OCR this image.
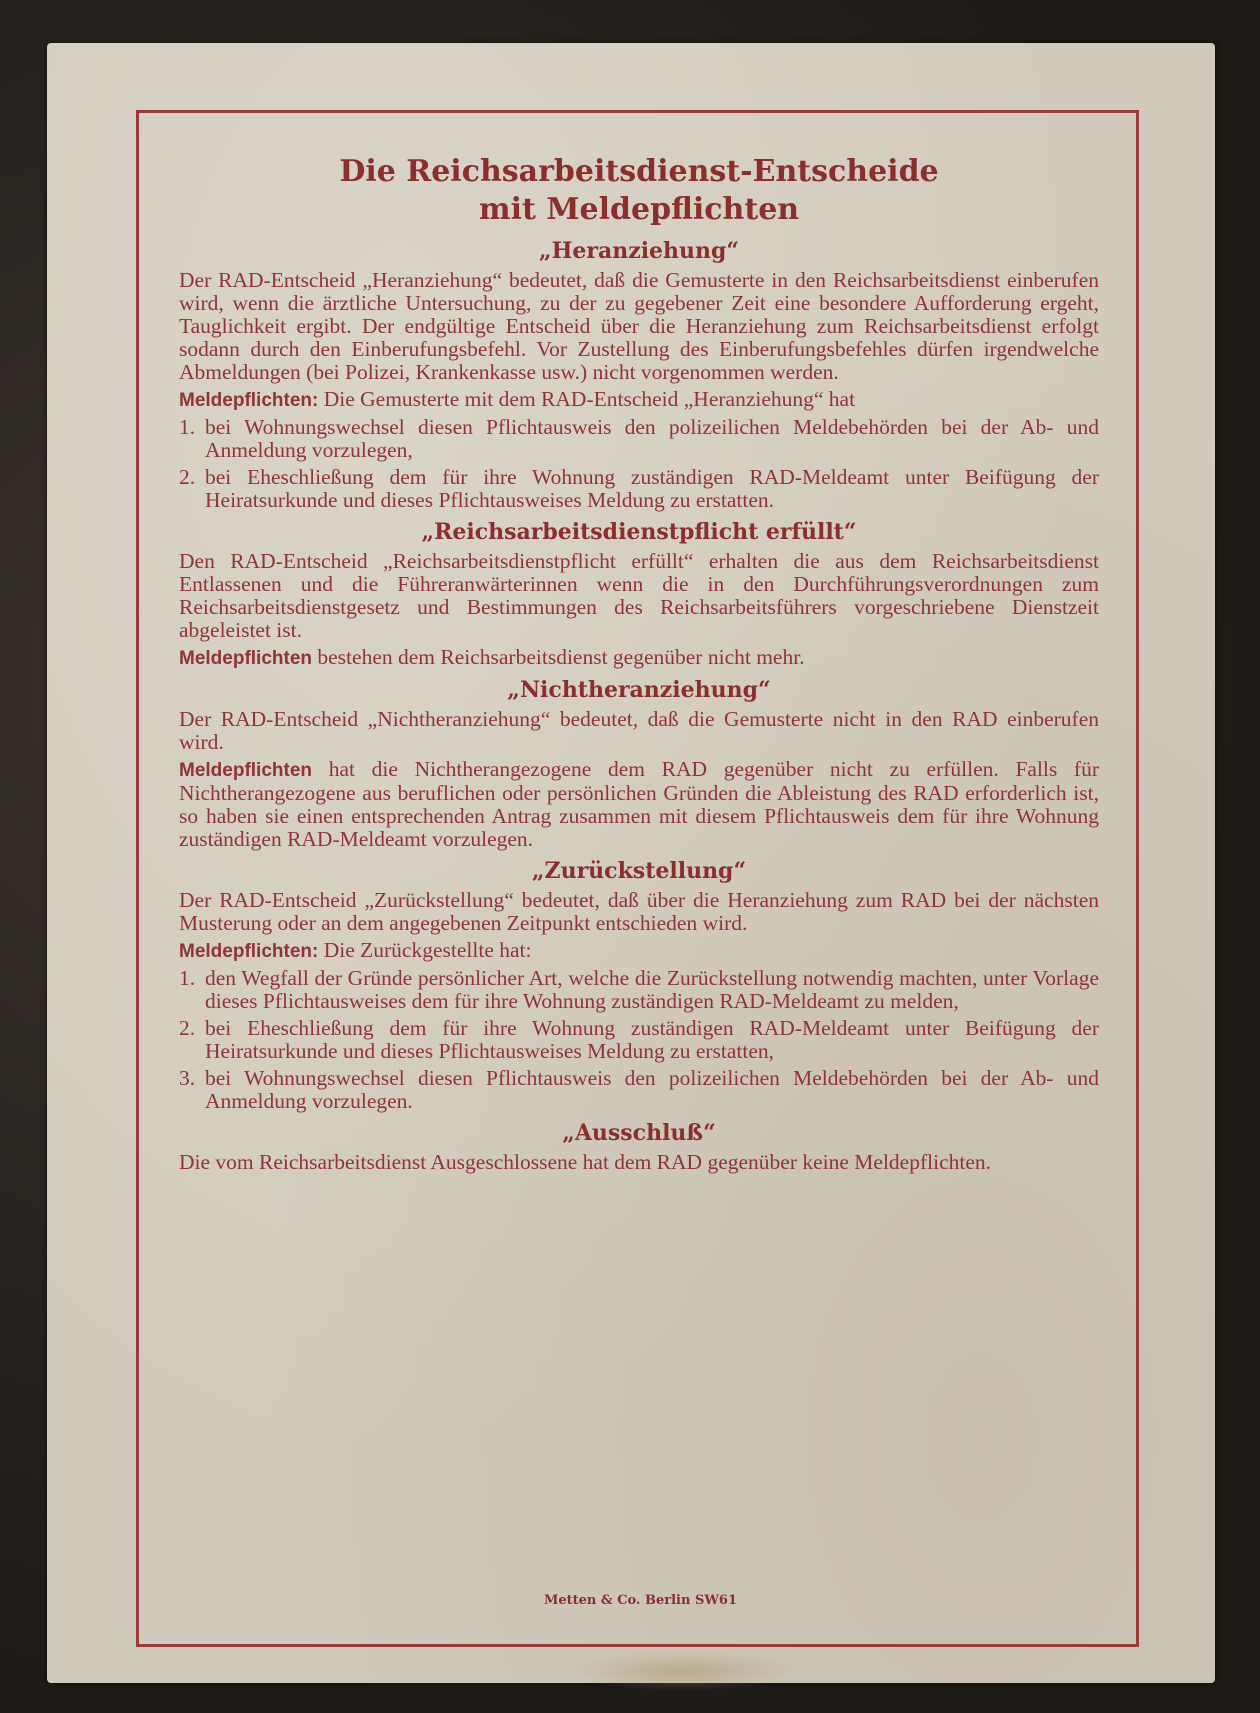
Die Reichsarbeitsdienst-Entscheide
mit Meldepflichten
„Heranziehung“

Der RAD-Entscheid „Heranziehung“ bedeutet, daß die Gemusterte in den Reichsarbeitsdienst einberufen wird, wenn die ärztliche Untersuchung, zu der zu gegebener Zeit eine besondere Aufforderung ergeht, Tauglichkeit ergibt. Der endgültige Entscheid über die Heranziehung zum Reichsarbeitsdienst erfolgt sodann durch den Einberufungsbefehl. Vor Zustellung des Einberufungsbefehles dürfen irgendwelche Abmeldungen (bei Polizei, Krankenkasse usw.) nicht vorgenommen werden.

Meldepflichten: Die Gemusterte mit dem RAD-Entscheid „Heranziehung“ hat

1. bei Wohnungswechsel diesen Pflichtausweis den polizeilichen Meldebehörden bei der Ab- und Anmeldung vorzulegen,
2. bei Eheschließung dem für ihre Wohnung zuständigen RAD-Meldeamt unter Beifügung der Heiratsurkunde und dieses Pflichtausweises Meldung zu erstatten.
„Reichsarbeitsdienstpflicht erfüllt“

Den RAD-Entscheid „Reichsarbeitsdienstpflicht erfüllt“ erhalten die aus dem Reichsarbeitsdienst Entlassenen und die Führeranwärterinnen wenn die in den Durchführungsverordnungen zum Reichsarbeitsdienstgesetz und Bestimmungen des Reichsarbeitsführers vorgeschriebene Dienstzeit abgeleistet ist.

Meldepflichten bestehen dem Reichsarbeitsdienst gegenüber nicht mehr.

„Nichtheranziehung“

Der RAD-Entscheid „Nichtheranziehung“ bedeutet, daß die Gemusterte nicht in den RAD einberufen wird.

Meldepflichten hat die Nichtherangezogene dem RAD gegenüber nicht zu erfüllen. Falls für Nichtherangezogene aus beruflichen oder persönlichen Gründen die Ableistung des RAD erforderlich ist, so haben sie einen entsprechenden Antrag zusammen mit diesem Pflichtausweis dem für ihre Wohnung zuständigen RAD-Meldeamt vorzulegen.

„Zurückstellung“

Der RAD-Entscheid „Zurückstellung“ bedeutet, daß über die Heranziehung zum RAD bei der nächsten Musterung oder an dem angegebenen Zeitpunkt entschieden wird.

Meldepflichten: Die Zurückgestellte hat:

1. den Wegfall der Gründe persönlicher Art, welche die Zurückstellung notwendig machten, unter Vorlage dieses Pflichtausweises dem für ihre Wohnung zuständigen RAD-Meldeamt zu melden,
2. bei Eheschließung dem für ihre Wohnung zuständigen RAD-Meldeamt unter Beifügung der Heiratsurkunde und dieses Pflichtausweises Meldung zu erstatten,
3. bei Wohnungswechsel diesen Pflichtausweis den polizeilichen Meldebehörden bei der Ab- und Anmeldung vorzulegen.
„Ausschluß“

Die vom Reichsarbeitsdienst Ausgeschlossene hat dem RAD gegenüber keine Meldepflichten.

Metten & Co. Berlin SW61
